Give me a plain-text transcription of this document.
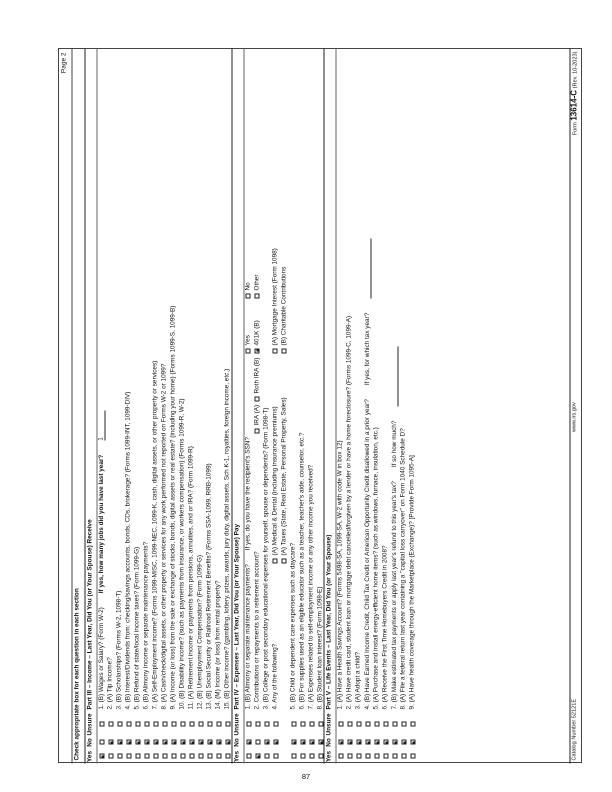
Page 2
Check appropriate box for each question in each section Yes
No
Unsure
Part III – Income – Last Year, Did You (or Your Spouse) Receive 1. (B) Wages or Salary? (Form W-2)If yes, how many jobs did you have last year?1
2. (A) Tip Income? 3. (B) Scholarships? (Forms W-2, 1098-T) 4. (B) Interest/Dividends from: checking/savings accounts, bonds, CDs, brokerage? (Forms 1099-INT, 1099-DIV) 5. (B) Refund of state/local income taxes? (Form 1099-G) 6. (B) Alimony income or separate maintenance payments? 7. (A) Self-Employment income? (Forms 1099-MISC, 1099-NEC, 1099-K, cash, digital assets, or other property or services) 8. (A) Cash/check/digital assets, or other property or services for any work performed not reported on Forms W-2 or 1099? 9. (A) Income (or loss) from the sale or exchange of stocks, bonds, digital assets or real estate? (including your home) (Forms 1099-S, 1099-B) 10. (B) Disability income? (such as payments from insurance, or workers compensation) (Forms 1099-R, W-2) 11. (A) Retirement income or payments from pensions, annuities, and or IRA? (Form 1099-R) 12. (B) Unemployment Compensation? (Form 1099-G) 13. (B) Social Security or Railroad Retirement Benefits? (Forms SSA-1099, RRB-1099) 14. (M) Income (or loss) from rental property? 15. (B) Other income? (gambling, lottery, prizes, awards, jury duty, digital assets, Sch K-1, royalties, foreign income, etc.)
Yes
No
Unsure
Part IV – Expenses – Last Year, Did You (or Your Spouse) Pay 1. (B) Alimony or separate maintenance payments?If yes, do you have the recipient's SSN?
2. Contributions or repayments to a retirement account? 3. (B) College or post secondary educational expenses for yourself, spouse or dependents? (Form 1098-T) 4. Any of the following? 5. (B) Child or dependent care expenses such as daycare? 6. (B) For supplies used as an eligible educator such as a teacher, teacher's aide, counselor, etc.? 7. (A) Expenses related to self-employment income or any other income you received? 8. (B) Student loan interest? (Form 1098-E)
Yes
No
IRA (A)
Roth IRA (B)
401K (B)
Other
(A) Medical & Dental (including insurance premiums)
(A) Mortgage Interest (Form 1098)
(A) Taxes (State, Real Estate, Personal Property, Sales)
(B) Charitable Contributions
Yes
No
Unsure
Part V – Life Events – Last Year, Did You (or Your Spouse) 1. (A) Have a Health Savings Account? (Forms 5498-SA, 1099-SA, W-2 with code W in box 12) 2. (A) Have credit card, student loan or mortgage debt cancelled/forgiven by a lender or have a home foreclosure? (Forms 1099-C, 1099-A) 3. (A) Adopt a child? 4. (B) Have Earned Income Credit, Child Tax Credit or American Opportunity Credit disallowed in a prior year?If yes, for which tax year?
5. (A) Purchase and install energy-efficient home items? (such as windows, furnace, insulation, etc.) 6. (A) Receive the First Time Homebuyers Credit in 2008? 7. (B) Make estimated tax payments or apply last year's refund to this year's tax?If so how much? 8. (A) File a federal return last year containing a "capital loss carryover" on Form 1040 Schedule D? 9. (A) Have health coverage through the Marketplace (Exchange)? [Provide Form 1095-A]
Catalog Number 52121E
www.irs.gov
Form 13614-C (Rev. 10-2023)
87
